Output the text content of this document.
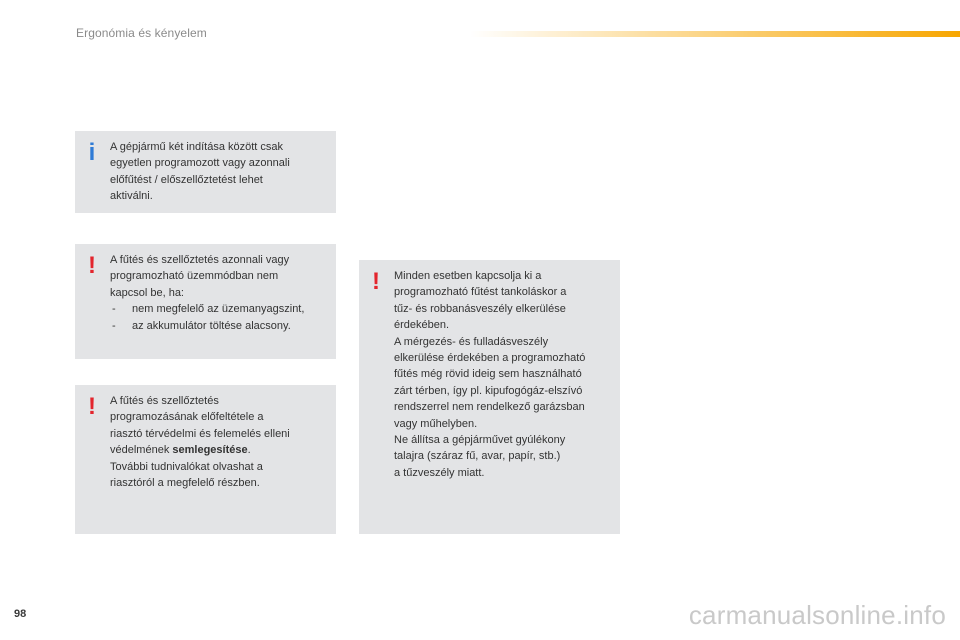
Ergonómia és kényelem
i A gépjármű két indítása között csak

egyetlen programozott vagy azonnali

előfűtést / előszellőztetést lehet

aktiválni.

! A fűtés és szellőztetés azonnali vagy

programozható üzemmódban nem

kapcsol be, ha:

- nem megfelelő az üzemanyagszint,
- az akkumulátor töltése alacsony.
! A fűtés és szellőztetés

programozásának előfeltétele a

riasztó térvédelmi és felemelés elleni

védelmének semlegesítése.

További tudnivalókat olvashat a

riasztóról a megfelelő részben.

! Minden esetben kapcsolja ki a

programozható fűtést tankoláskor a

tűz- és robbanásveszély elkerülése

érdekében.

A mérgezés- és fulladásveszély

elkerülése érdekében a programozható

fűtés még rövid ideig sem használható

zárt térben, így pl. kipufogógáz-elszívó

rendszerrel nem rendelkező garázsban

vagy műhelyben.

Ne állítsa a gépjárművet gyúlékony

talajra (száraz fű, avar, papír, stb.)

a tűzveszély miatt.

98	carmanualsonline.info
